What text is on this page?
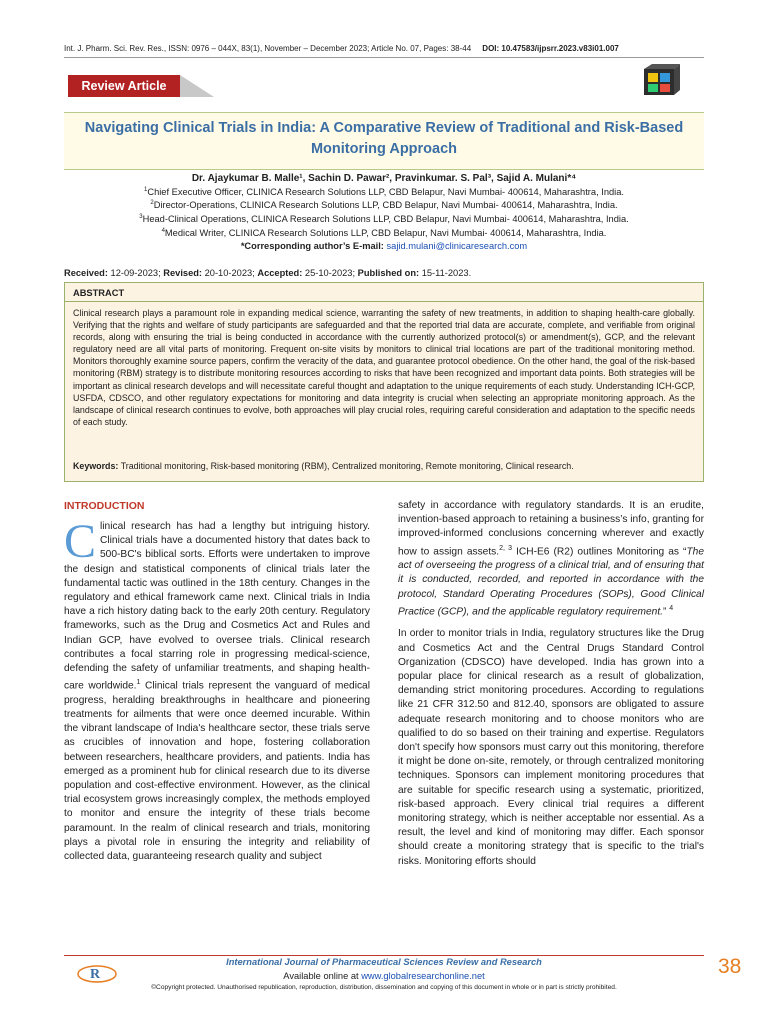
Int. J. Pharm. Sci. Rev. Res., ISSN: 0976 – 044X, 83(1), November – December 2023; Article No. 07, Pages: 38-44 DOI: 10.47583/ijpsrr.2023.v83i01.007
Review Article
Navigating Clinical Trials in India: A Comparative Review of Traditional and Risk-Based Monitoring Approach
Dr. Ajaykumar B. Malle¹, Sachin D. Pawar², Pravinkumar. S. Pal³, Sajid A. Mulani*⁴
$^1$Chief Executive Officer, CLINICA Research Solutions LLP, CBD Belapur, Navi Mumbai- 400614, Maharashtra, India.
$^2$Director-Operations, CLINICA Research Solutions LLP, CBD Belapur, Navi Mumbai- 400614, Maharashtra, India.
$^3$Head-Clinical Operations, CLINICA Research Solutions LLP, CBD Belapur, Navi Mumbai- 400614, Maharashtra, India.
$^4$Medical Writer, CLINICA Research Solutions LLP, CBD Belapur, Navi Mumbai- 400614, Maharashtra, India.
*Corresponding author’s E-mail: sajid.mulani@clinicaresearch.com
Received: 12-09-2023; Revised: 20-10-2023; Accepted: 25-10-2023; Published on: 15-11-2023.
ABSTRACT
Clinical research plays a paramount role in expanding medical science, warranting the safety of new treatments, in addition to shaping health-care globally. Verifying that the rights and welfare of study participants are safeguarded and that the reported trial data are accurate, complete, and verifiable from original records, along with ensuring the trial is being conducted in accordance with the currently authorized protocol(s) or amendment(s), GCP, and the relevant regulatory need are all vital parts of monitoring. Frequent on-site visits by monitors to clinical trial locations are part of the traditional monitoring method. Monitors thoroughly examine source papers, confirm the veracity of the data, and guarantee protocol obedience. On the other hand, the goal of the risk-based monitoring (RBM) strategy is to distribute monitoring resources according to risks that have been recognized and important data points. Both strategies will be important as clinical research develops and will necessitate careful thought and adaptation to the unique requirements of each study. Understanding ICH-GCP, USFDA, CDSCO, and other regulatory expectations for monitoring and data integrity is crucial when selecting an appropriate monitoring approach. As the landscape of clinical research continues to evolve, both approaches will play crucial roles, requiring careful consideration and adaptation to the specific needs of each study.
Keywords: Traditional monitoring, Risk-based monitoring (RBM), Centralized monitoring, Remote monitoring, Clinical research.
INTRODUCTION

Clinical research has had a lengthy but intriguing history. Clinical trials have a documented history that dates back to 500-BC's biblical sorts. Efforts were undertaken to improve the design and statistical components of clinical trials later the fundamental tactic was outlined in the 18th century. Changes in the regulatory and ethical framework came next. Clinical trials in India have a rich history dating back to the early 20th century. Regulatory frameworks, such as the Drug and Cosmetics Act and Rules and Indian GCP, have evolved to oversee trials. Clinical research contributes a focal starring role in progressing medical-science, defending the safety of unfamiliar treatments, and shaping health-care worldwide.$^1$ Clinical trials represent the vanguard of medical progress, heralding breakthroughs in healthcare and pioneering treatments for ailments that were once deemed incurable. Within the vibrant landscape of India's healthcare sector, these trials serve as crucibles of innovation and hope, fostering collaboration between researchers, healthcare providers, and patients. India has emerged as a prominent hub for clinical research due to its diverse population and cost-effective environment. However, as the clinical trial ecosystem grows increasingly complex, the methods employed to monitor and ensure the integrity of these trials become paramount. In the realm of clinical research and trials, monitoring plays a pivotal role in ensuring the integrity and reliability of collected data, guaranteeing research quality and subject

safety in accordance with regulatory standards. It is an erudite, invention-based approach to retaining a business’s info, granting for improved-informed conclusions concerning wherever and exactly how to assign assets.$^{2, 3}$ ICH-E6 (R2) outlines Monitoring as “The act of overseeing the progress of a clinical trial, and of ensuring that it is conducted, recorded, and reported in accordance with the protocol, Standard Operating Procedures (SOPs), Good Clinical Practice (GCP), and the applicable regulatory requirement.” $^4$

In order to monitor trials in India, regulatory structures like the Drug and Cosmetics Act and the Central Drugs Standard Control Organization (CDSCO) have developed. India has grown into a popular place for clinical research as a result of globalization, demanding strict monitoring procedures. According to regulations like 21 CFR 312.50 and 812.40, sponsors are obligated to assure adequate research monitoring and to choose monitors who are qualified to do so based on their training and expertise. Regulators don't specify how sponsors must carry out this monitoring, therefore it might be done on-site, remotely, or through centralized monitoring techniques. Sponsors can implement monitoring procedures that are suitable for specific research using a systematic, prioritized, risk-based approach. Every clinical trial requires a different monitoring strategy, which is neither acceptable nor essential. As a result, the level and kind of monitoring may differ. Each sponsor should create a monitoring strategy that is specific to the trial's risks. Monitoring efforts should

R
International Journal of Pharmaceutical Sciences Review and Research
Available online at www.globalresearchonline.net
©Copyright protected. Unauthorised republication, reproduction, distribution, dissemination and copying of this document in whole or in part is strictly prohibited.
38
